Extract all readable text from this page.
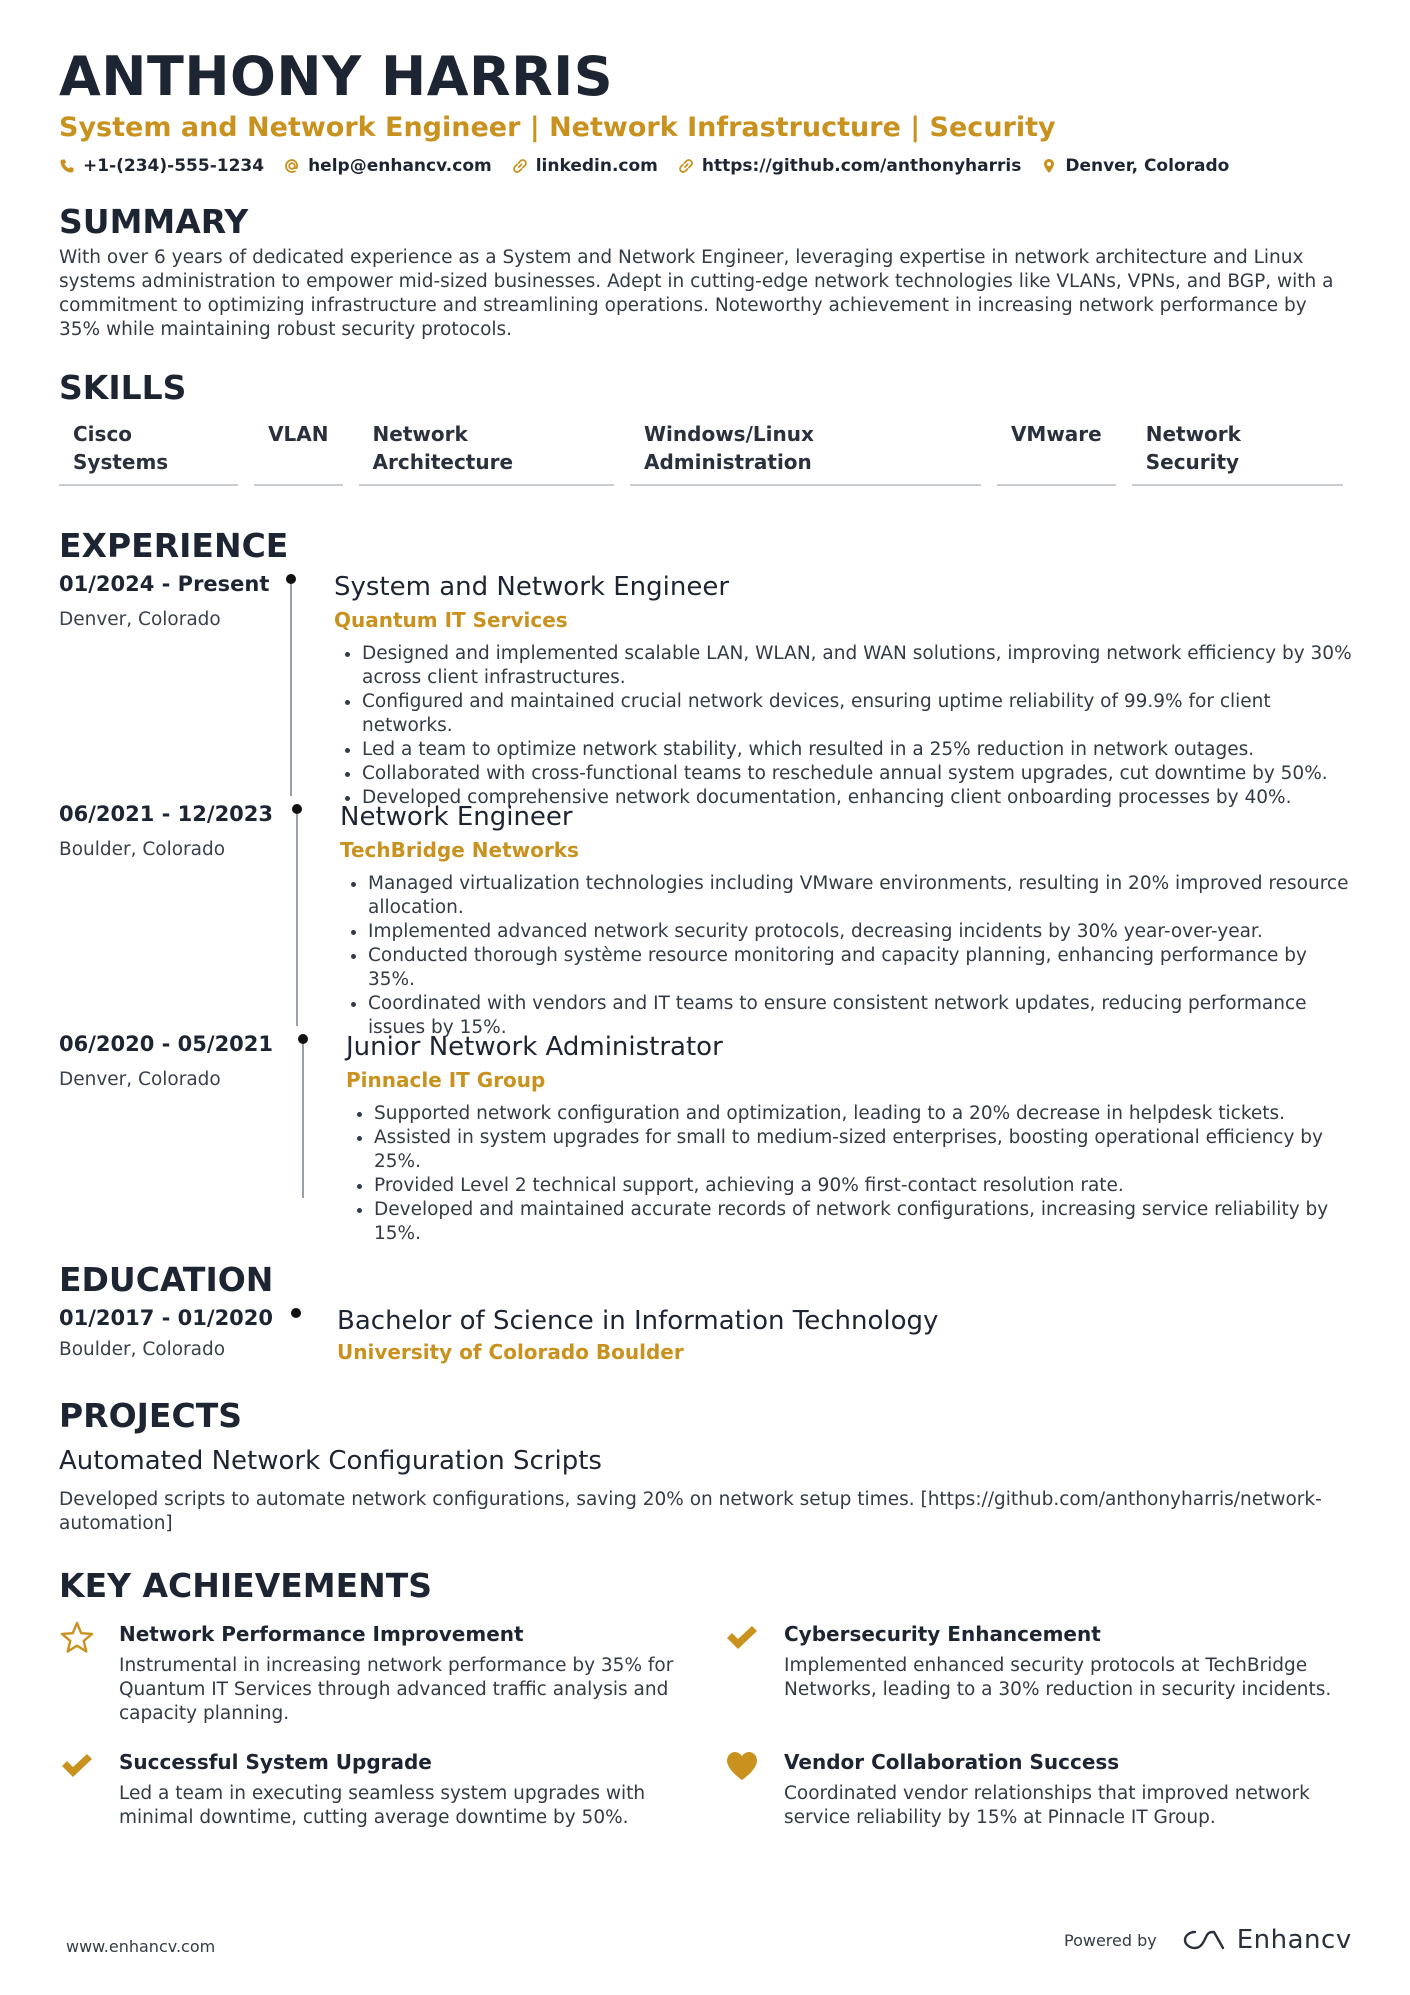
ANTHONY HARRIS
System and Network Engineer | Network Infrastructure | Security
+1-(234)-555-1234	help@enhancv.com	linkedin.com	https://github.com/anthonyharris	Denver, Colorado
SUMMARY
With over 6 years of dedicated experience as a System and Network Engineer, leveraging expertise in network architecture and Linux systems administration to empower mid-sized businesses. Adept in cutting-edge network technologies like VLANs, VPNs, and BGP, with a commitment to optimizing infrastructure and streamlining operations. Noteworthy achievement in increasing network performance by 35% while maintaining robust security protocols.
SKILLS
Cisco Systems
VLAN	Network Architecture
Windows/Linux Administration
VMware	Network Security
EXPERIENCE
01/2024 - Present
Denver, Colorado
System and Network Engineer
Quantum IT Services
• Designed and implemented scalable LAN, WLAN, and WAN solutions, improving network efficiency by 30% across client infrastructures.
• Configured and maintained crucial network devices, ensuring uptime reliability of 99.9% for client networks.
• Led a team to optimize network stability, which resulted in a 25% reduction in network outages.
• Collaborated with cross-functional teams to reschedule annual system upgrades, cut downtime by 50%.
• Developed comprehensive network documentation, enhancing client onboarding processes by 40%.
06/2021 - 12/2023
Boulder, Colorado
Network Engineer
TechBridge Networks
• Managed virtualization technologies including VMware environments, resulting in 20% improved resource allocation.
• Implemented advanced network security protocols, decreasing incidents by 30% year-over-year.
• Conducted thorough système resource monitoring and capacity planning, enhancing performance by 35%.
• Coordinated with vendors and IT teams to ensure consistent network updates, reducing performance issues by 15%.
06/2020 - 05/2021
Denver, Colorado
Junior Network Administrator
Pinnacle IT Group
• Supported network configuration and optimization, leading to a 20% decrease in helpdesk tickets.
• Assisted in system upgrades for small to medium-sized enterprises, boosting operational efficiency by 25%.
• Provided Level 2 technical support, achieving a 90% first-contact resolution rate.
• Developed and maintained accurate records of network configurations, increasing service reliability by 15%.
EDUCATION
01/2017 - 01/2020
Boulder, Colorado
Bachelor of Science in Information Technology
University of Colorado Boulder
PROJECTS
Automated Network Configuration Scripts
Developed scripts to automate network configurations, saving 20% on network setup times. [https://github.com/anthonyharris/network-automation]
KEY ACHIEVEMENTS
Network Performance Improvement
Instrumental in increasing network performance by 35% for Quantum IT Services through advanced traffic analysis and capacity planning.
Cybersecurity Enhancement
Implemented enhanced security protocols at TechBridge Networks, leading to a 30% reduction in security incidents.
Successful System Upgrade
Led a team in executing seamless system upgrades with minimal downtime, cutting average downtime by 50%.
Vendor Collaboration Success
Coordinated vendor relationships that improved network service reliability by 15% at Pinnacle IT Group.
www.enhancv.com	Powered by	Enhancv
